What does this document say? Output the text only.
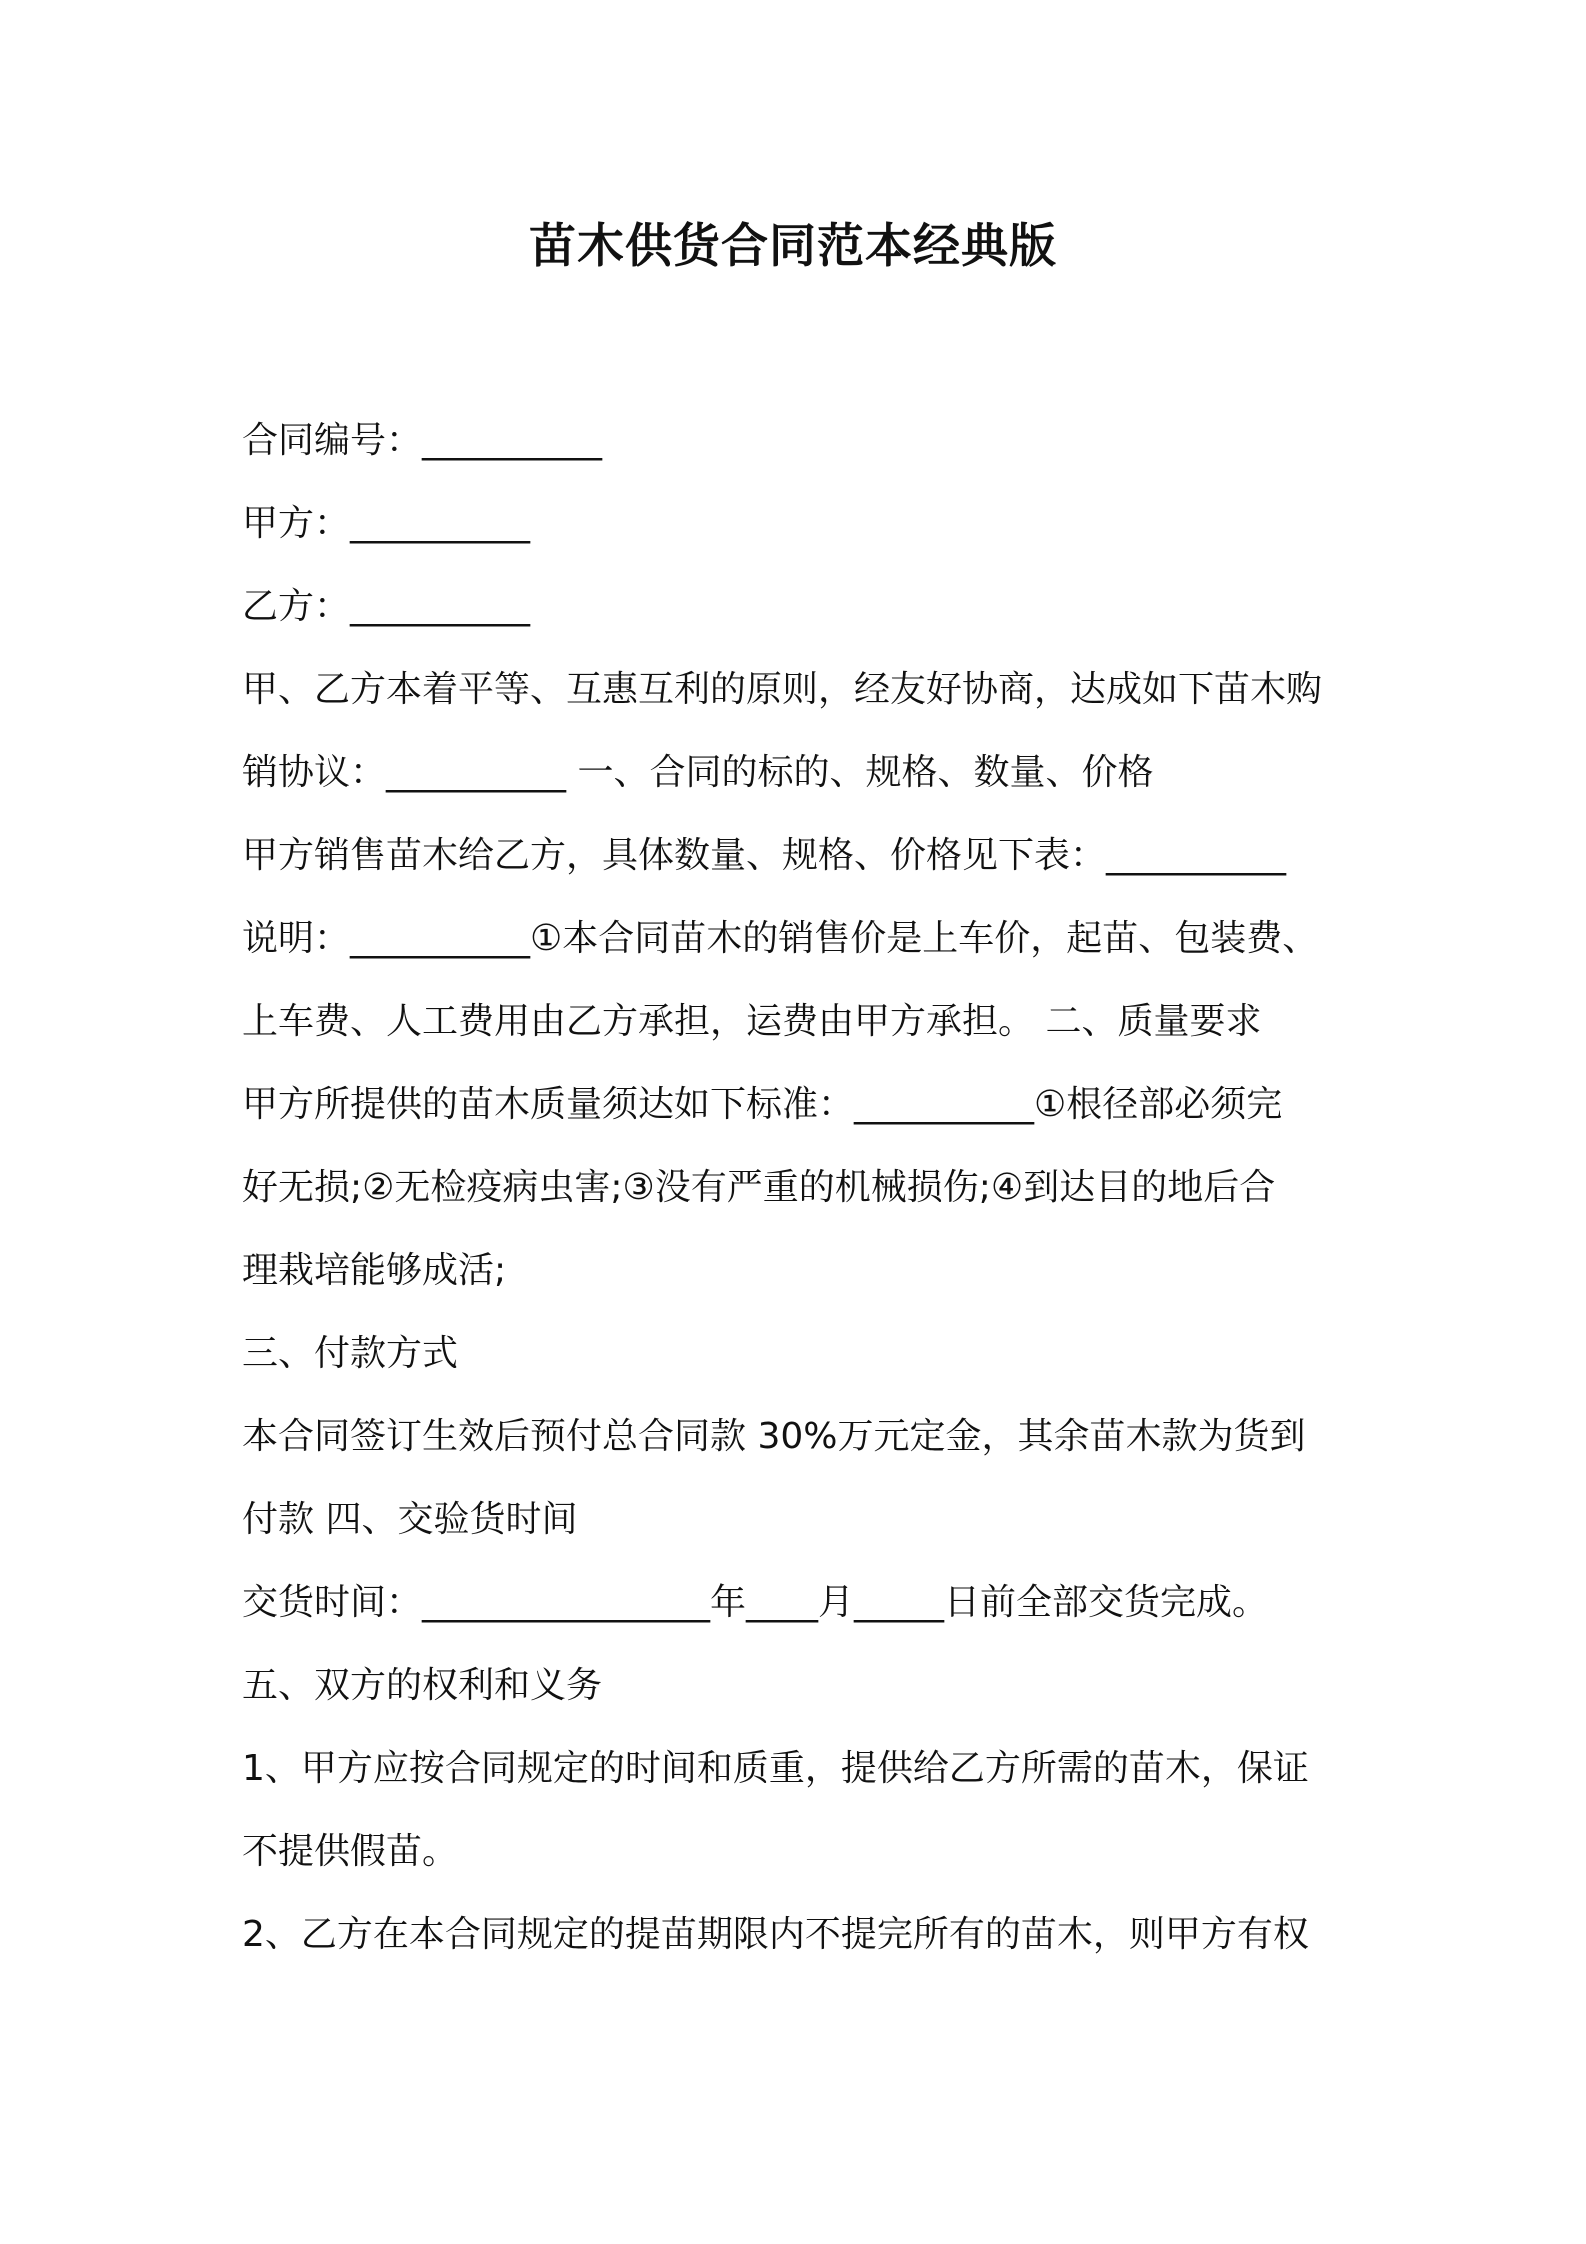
苗木供货合同范本经典版

合同编号：__________

甲方：__________

乙方：__________

甲、乙方本着平等、互惠互利的原则，经友好协商，达成如下苗木购

销协议：__________ 一、合同的标的、规格、数量、价格

甲方销售苗木给乙方，具体数量、规格、价格见下表：__________

说明：__________①本合同苗木的销售价是上车价，起苗、包装费、

上车费、人工费用由乙方承担，运费由甲方承担。 二、质量要求

甲方所提供的苗木质量须达如下标准：__________①根径部必须完

好无损;②无检疫病虫害;③没有严重的机械损伤;④到达目的地后合

理栽培能够成活;

三、付款方式

本合同签订生效后预付总合同款 30%万元定金，其余苗木款为货到

付款 四、交验货时间

交货时间：________________年____月_____日前全部交货完成。

五、双方的权利和义务

1、甲方应按合同规定的时间和质重，提供给乙方所需的苗木，保证

不提供假苗。

2、乙方在本合同规定的提苗期限内不提完所有的苗木，则甲方有权
